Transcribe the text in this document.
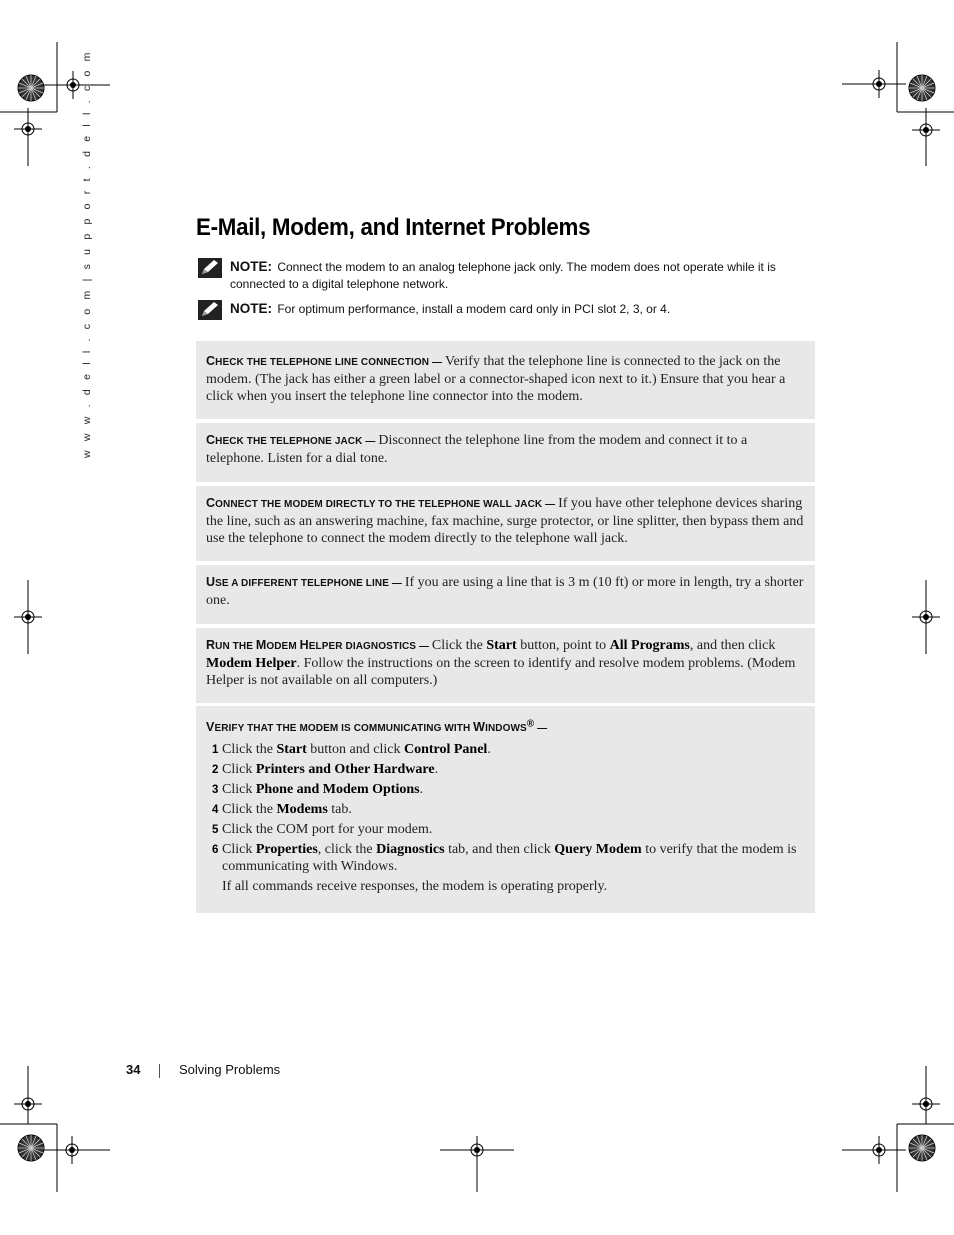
w w w . d e l l . c o m | s u p p o r t . d e l l . c o m	E-Mail, Modem, and Internet Problems
NOTE: Connect the modem to an analog telephone jack only. The modem does not operate while it is connected to a digital telephone network.
NOTE: For optimum performance, install a modem card only in PCI slot 2, 3, or 4.

CHECK THE TELEPHONE LINE CONNECTION — Verify that the telephone line is connected to the jack on the modem. (The jack has either a green label or a connector-shaped icon next to it.) Ensure that you hear a click when you insert the telephone line connector into the modem.

CHECK THE TELEPHONE JACK — Disconnect the telephone line from the modem and connect it to a telephone. Listen for a dial tone.

CONNECT THE MODEM DIRECTLY TO THE TELEPHONE WALL JACK — If you have other telephone devices sharing the line, such as an answering machine, fax machine, surge protector, or line splitter, then bypass them and use the telephone to connect the modem directly to the telephone wall jack.

USE A DIFFERENT TELEPHONE LINE — If you are using a line that is 3 m (10 ft) or more in length, try a shorter one.

RUN THE MODEM HELPER DIAGNOSTICS — Click the Start button, point to All Programs, and then click Modem Helper. Follow the instructions on the screen to identify and resolve modem problems. (Modem Helper is not available on all computers.)

VERIFY THAT THE MODEM IS COMMUNICATING WITH WINDOWS® —

1 Click the Start button and click Control Panel.
2 Click Printers and Other Hardware.
3 Click Phone and Modem Options.
4 Click the Modems tab.
5 Click the COM port for your modem.
6 Click Properties, click the Diagnostics tab, and then click Query Modem to verify that the modem is communicating with Windows.

If all commands receive responses, the modem is operating properly.

34	Solving Problems
